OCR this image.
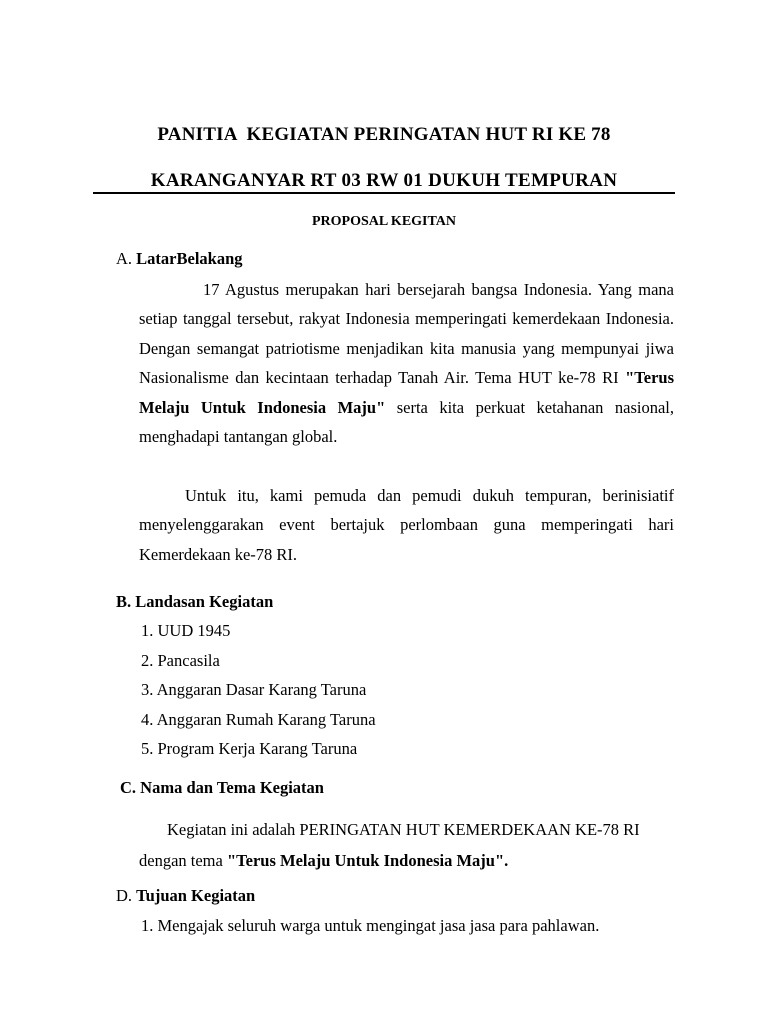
PANITIA  KEGIATAN PERINGATAN HUT RI KE 78
KARANGANYAR RT 03 RW 01 DUKUH TEMPURAN
PROPOSAL KEGITAN
A. LatarBelakang
17 Agustus merupakan hari bersejarah bangsa Indonesia. Yang mana setiap tanggal tersebut, rakyat Indonesia memperingati kemerdekaan Indonesia. Dengan semangat patriotisme menjadikan kita manusia yang mempunyai jiwa Nasionalisme dan kecintaan terhadap Tanah Air. Tema HUT ke-78 RI "Terus Melaju Untuk Indonesia Maju" serta kita perkuat ketahanan nasional, menghadapi tantangan global.
Untuk itu, kami pemuda dan pemudi dukuh tempuran, berinisiatif menyelenggarakan event bertajuk perlombaan guna memperingati hari Kemerdekaan ke-78 RI.
B. Landasan Kegiatan
1. UUD 1945
2. Pancasila
3. Anggaran Dasar Karang Taruna
4. Anggaran Rumah Karang Taruna
5. Program Kerja Karang Taruna
C. Nama dan Tema Kegiatan
Kegiatan ini adalah PERINGATAN HUT KEMERDEKAAN KE-78 RI dengan tema "Terus Melaju Untuk Indonesia Maju".
D. Tujuan Kegiatan
1. Mengajak seluruh warga untuk mengingat jasa jasa para pahlawan.
